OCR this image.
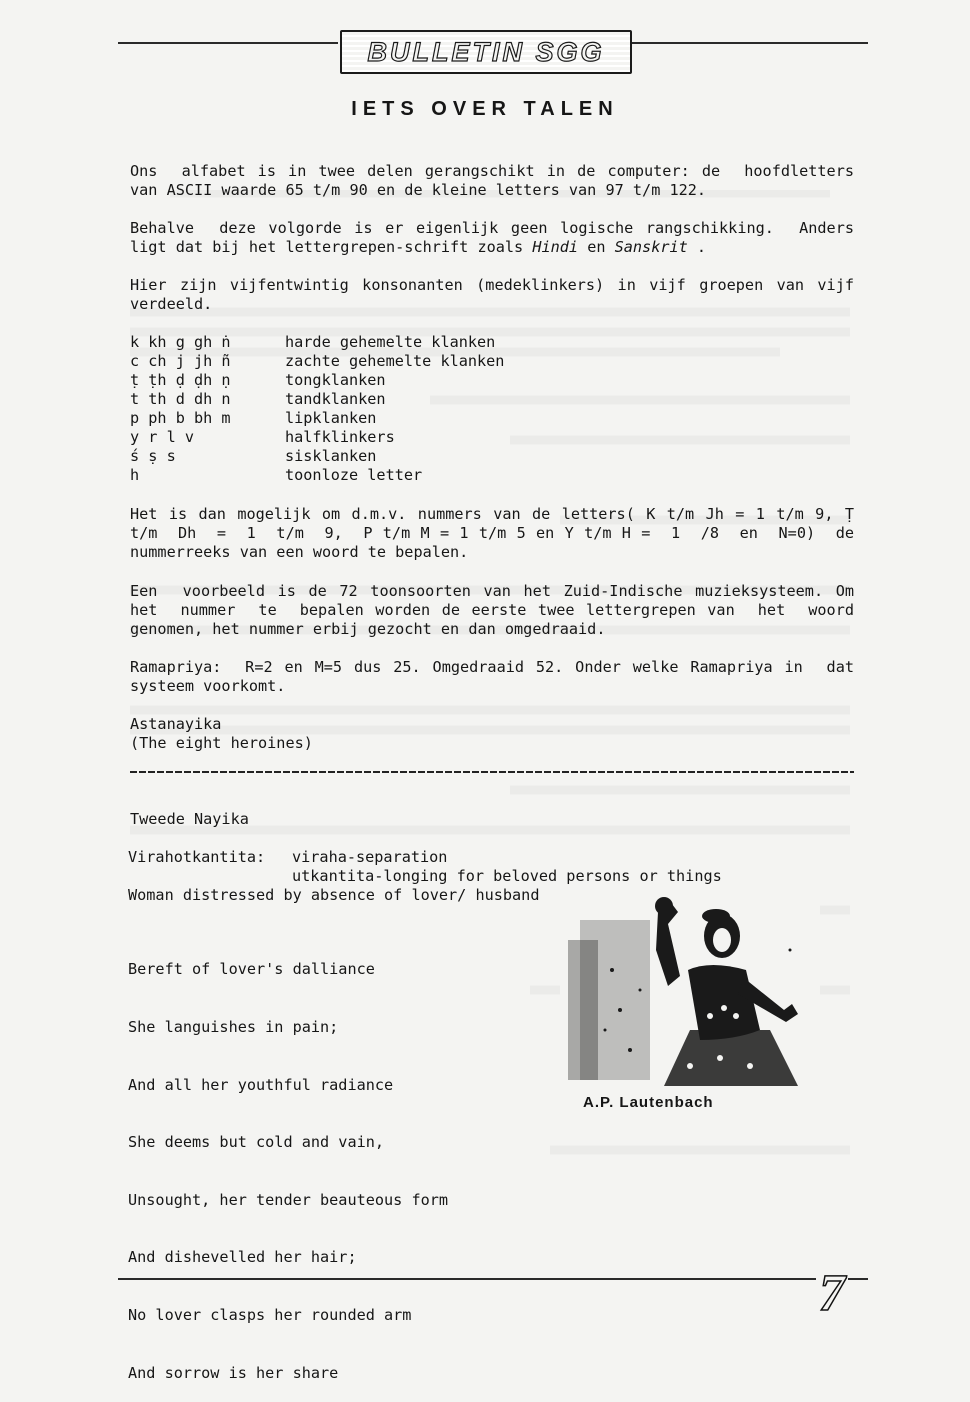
BULLETIN SGG
IETS OVER TALEN
Ons  alfabet is in twee delen gerangschikt in de computer: de  hoofdletters
van ASCII waarde 65 t/m 90 en de kleine letters van 97 t/m 122.
Behalve  deze volgorde is er eigenlijk geen logische rangschikking.  Anders
ligt dat bij het lettergrepen-schrift zoals Hindi en Sanskrit .
Hier zijn vijfentwintig konsonanten (medeklinkers) in vijf groepen van vijf
verdeeld.
k kh g gh ṅ	harde gehemelte klanken
c ch j jh ñ	zachte gehemelte klanken
ṭ ṭh ḍ ḍh ṇ	tongklanken
t th d dh n	tandklanken
p ph b bh m	lipklanken
y r l v	halfklinkers
ś ṣ s	sisklanken
h	toonloze letter
Het is dan mogelijk om d.m.v. nummers van de letters( K t/m Jh = 1 t/m 9, Ṭ
t/m  Dh  =  1  t/m  9,  P t/m M = 1 t/m 5 en Y t/m H =  1  /8  en  N=0)  de
nummerreeks van een woord te bepalen.
Een  voorbeeld is de 72 toonsoorten van het Zuid-Indische muzieksysteem. Om
het  nummer  te  bepalen worden de eerste twee lettergrepen van  het  woord
genomen, het nummer erbij gezocht en dan omgedraaid.
Ramapriya:  R=2 en M=5 dus 25. Omgedraaid 52. Onder welke Ramapriya in  dat
systeem voorkomt.
Astanayika
(The eight heroines)
Tweede Nayika
Virahotkantita: viraha-separation
utkantita-longing for beloved persons or things
Woman distressed by absence of lover/ husband

Bereft of lover's dalliance

She languishes in pain;

And all her youthful radiance

She deems but cold and vain,

Unsought, her tender beauteous form

And dishevelled her hair;

No lover clasps her rounded arm

And sorrow is her share

A.P. Lautenbach
7
